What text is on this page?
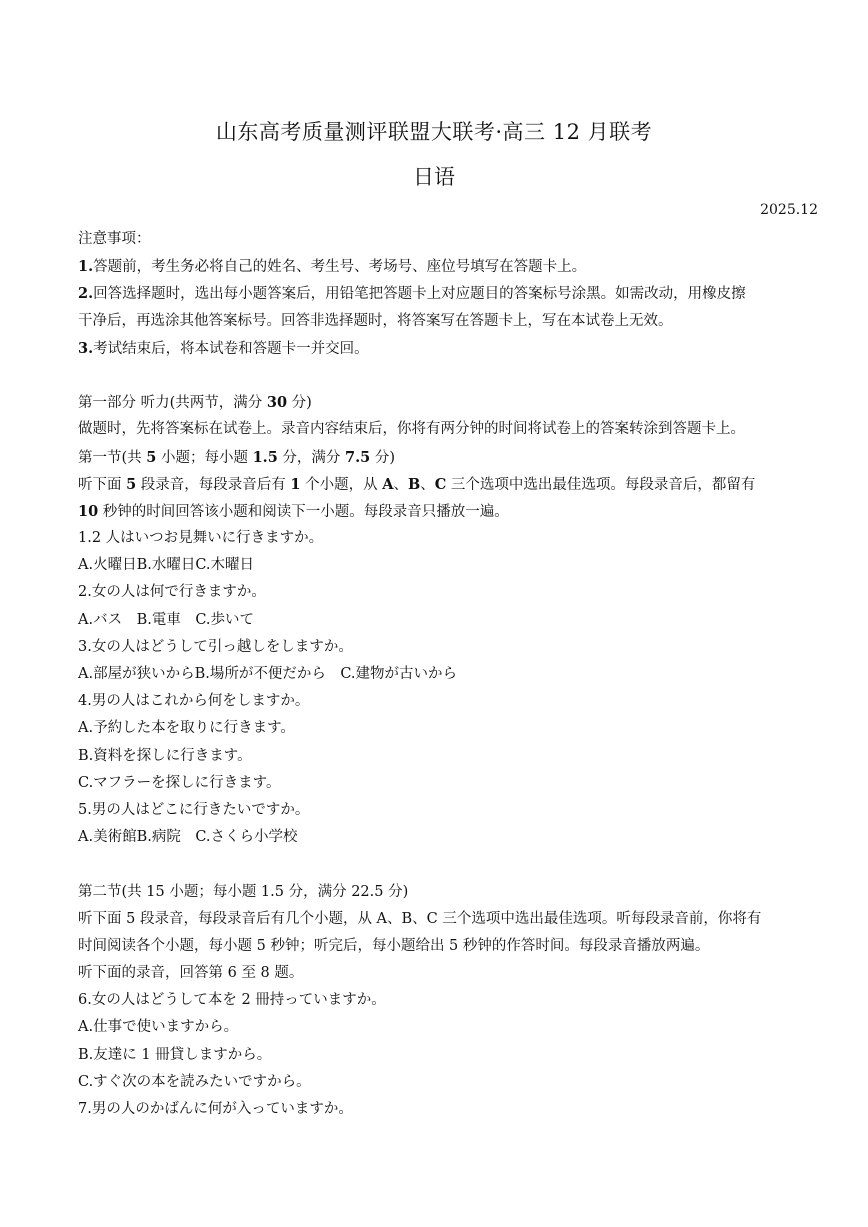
山东高考质量测评联盟大联考·高三 12 月联考
日语
2025.12
注意事项：
1.答题前，考生务必将自己的姓名、考生号、考场号、座位号填写在答题卡上。
2.回答选择题时，选出每小题答案后，用铅笔把答题卡上对应题目的答案标号涂黑。如需改动，用橡皮擦
干净后，再选涂其他答案标号。回答非选择题时，将答案写在答题卡上，写在本试卷上无效。
3.考试结束后，将本试卷和答题卡一并交回。
第一部分 听力(共两节，满分 30 分)
做题时，先将答案标在试卷上。录音内容结束后，你将有两分钟的时间将试卷上的答案转涂到答题卡上。
第一节(共 5 小题；每小题 1.5 分，满分 7.5 分)
听下面 5 段录音，每段录音后有 1 个小题，从 A、B、C 三个选项中选出最佳选项。每段录音后，都留有
10 秒钟的时间回答该小题和阅读下一小题。每段录音只播放一遍。
1.2 人はいつお見舞いに行きますか。
A.火曜日B.水曜日C.木曜日
2.女の人は何で行きますか。
A.バス　B.電車　C.歩いて
3.女の人はどうして引っ越しをしますか。
A.部屋が狭いからB.場所が不便だから　C.建物が古いから
4.男の人はこれから何をしますか。
A.予約した本を取りに行きます。
B.資料を探しに行きます。
C.マフラーを探しに行きます。
5.男の人はどこに行きたいですか。
A.美術館B.病院　C.さくら小学校
第二节(共 15 小题；每小题 1.5 分，满分 22.5 分)
听下面 5 段录音，每段录音后有几个小题，从 A、B、C 三个选项中选出最佳选项。听每段录音前，你将有
时间阅读各个小题，每小题 5 秒钟；听完后，每小题给出 5 秒钟的作答时间。每段录音播放两遍。
听下面的录音，回答第 6 至 8 题。
6.女の人はどうして本を 2 冊持っていますか。
A.仕事で使いますから。
B.友達に 1 冊貸しますから。
C.すぐ次の本を読みたいですから。
7.男の人のかばんに何が入っていますか。
